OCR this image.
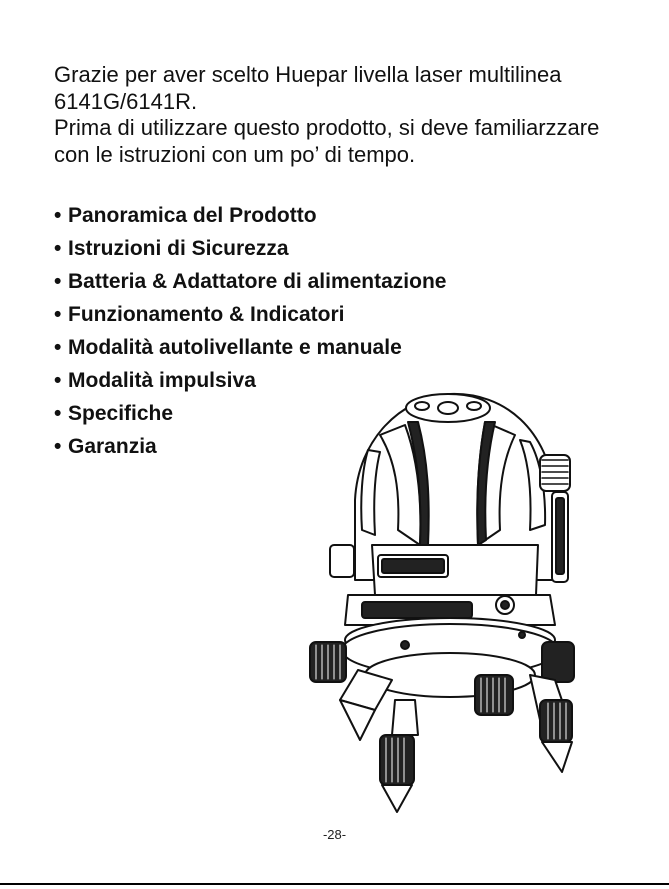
Grazie per aver scelto Huepar livella laser multilinea

6141G/6141R.

Prima di utilizzare questo prodotto, si deve familiarzzare

con le istruzioni con um po’ di tempo.

• Panoramica del Prodotto
• Istruzioni di Sicurezza
• Batteria & Adattatore di alimentazione
• Funzionamento & Indicatori
• Modalità autolivellante e manuale
• Modalità impulsiva
• Specifiche
• Garanzia
-28-
